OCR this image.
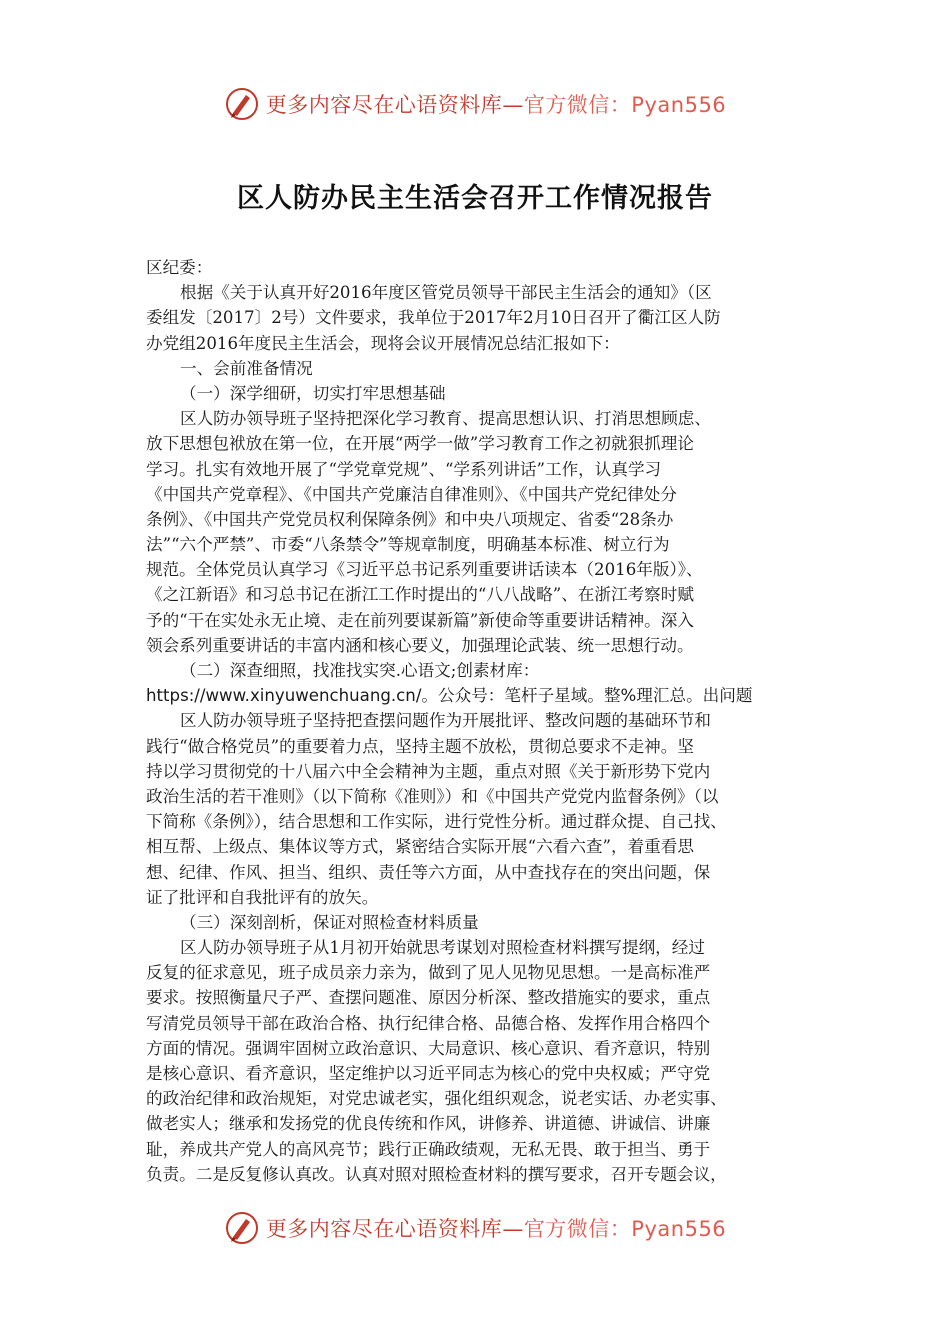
更多内容尽在心语资料库—官方微信：Pyan556
区人防办民主生活会召开工作情况报告
区纪委：
根据《关于认真开好2016年度区管党员领导干部民主生活会的通知》（区
委组发〔2017〕2号）文件要求，我单位于2017年2月10日召开了衢江区人防
办党组2016年度民主生活会，现将会议开展情况总结汇报如下：
一、会前准备情况
（一）深学细研，切实打牢思想基础
区人防办领导班子坚持把深化学习教育、提高思想认识、打消思想顾虑、
放下思想包袱放在第一位，在开展“两学一做”学习教育工作之初就狠抓理论
学习。扎实有效地开展了“学党章党规”、“学系列讲话”工作，认真学习
《中国共产党章程》、《中国共产党廉洁自律准则》、《中国共产党纪律处分
条例》、《中国共产党党员权利保障条例》和中央八项规定、省委“28条办
法”“六个严禁”、市委“八条禁令”等规章制度，明确基本标准、树立行为
规范。全体党员认真学习《习近平总书记系列重要讲话读本（2016年版）》、
《之江新语》和习总书记在浙江工作时提出的“八八战略”、在浙江考察时赋
予的“干在实处永无止境、走在前列要谋新篇”新使命等重要讲话精神。深入
领会系列重要讲话的丰富内涵和核心要义，加强理论武装、统一思想行动。
（二）深查细照，找准找实突.心语文;创素材库：
https://www.xinyuwenchuang.cn/。公众号：笔杆子星域。整%理汇总。出问题
区人防办领导班子坚持把查摆问题作为开展批评、整改问题的基础环节和
践行“做合格党员”的重要着力点，坚持主题不放松，贯彻总要求不走神。坚
持以学习贯彻党的十八届六中全会精神为主题，重点对照《关于新形势下党内
政治生活的若干准则》（以下简称《准则》）和《中国共产党党内监督条例》（以
下简称《条例》），结合思想和工作实际，进行党性分析。通过群众提、自己找、
相互帮、上级点、集体议等方式，紧密结合实际开展“六看六查”，着重看思
想、纪律、作风、担当、组织、责任等六方面，从中查找存在的突出问题，保
证了批评和自我批评有的放矢。
（三）深刻剖析，保证对照检查材料质量
区人防办领导班子从1月初开始就思考谋划对照检查材料撰写提纲，经过
反复的征求意见，班子成员亲力亲为，做到了见人见物见思想。一是高标准严
要求。按照衡量尺子严、查摆问题准、原因分析深、整改措施实的要求，重点
写清党员领导干部在政治合格、执行纪律合格、品德合格、发挥作用合格四个
方面的情况。强调牢固树立政治意识、大局意识、核心意识、看齐意识，特别
是核心意识、看齐意识，坚定维护以习近平同志为核心的党中央权威；严守党
的政治纪律和政治规矩，对党忠诚老实，强化组织观念，说老实话、办老实事、
做老实人；继承和发扬党的优良传统和作风，讲修养、讲道德、讲诚信、讲廉
耻，养成共产党人的高风亮节；践行正确政绩观，无私无畏、敢于担当、勇于
负责。二是反复修认真改。认真对照对照检查材料的撰写要求，召开专题会议，
更多内容尽在心语资料库—官方微信：Pyan556
